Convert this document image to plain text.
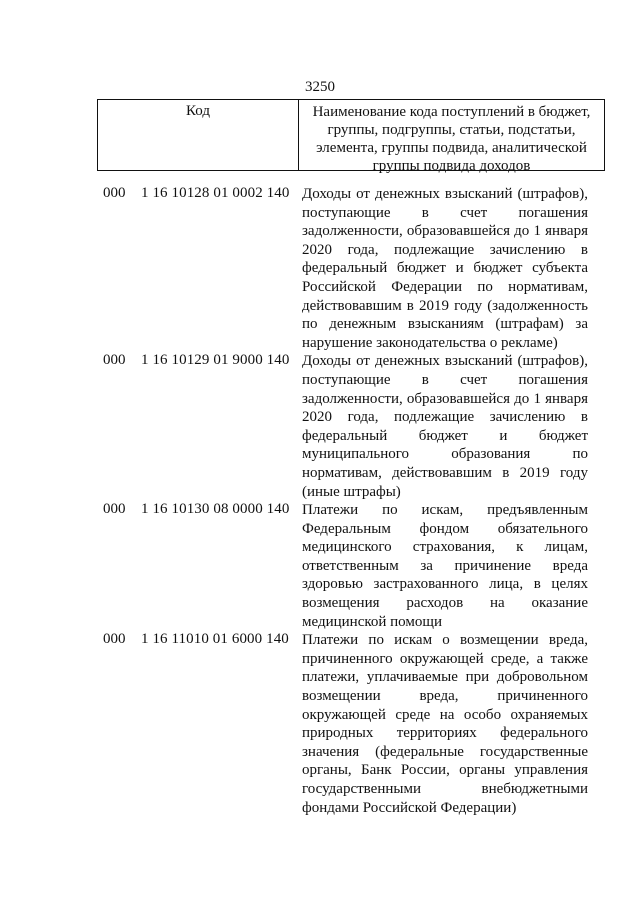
3250
Код	Наименование кода поступлений в бюджет, группы, подгруппы, статьи, подстатьи, элемента, группы подвида, аналитической группы подвида доходов
000 1 16 10128 01 0002 140 Доходы от денежных взысканий (штрафов), поступающие в счет погашения задолженности, образовавшейся до 1 января 2020 года, подлежащие зачислению в федеральный бюджет и бюджет субъекта Российской Федерации по нормативам, действовавшим в 2019 году (задолженность по денежным взысканиям (штрафам) за нарушение законодательства о рекламе)
000 1 16 10129 01 9000 140 Доходы от денежных взысканий (штрафов), поступающие в счет погашения задолженности, образовавшейся до 1 января 2020 года, подлежащие зачислению в федеральный бюджет и бюджет муниципального образования по нормативам, действовавшим в 2019 году (иные штрафы)
000 1 16 10130 08 0000 140 Платежи по искам, предъявленным Федеральным фондом обязательного медицинского страхования, к лицам, ответственным за причинение вреда здоровью застрахованного лица, в целях возмещения расходов на оказание медицинской помощи
000 1 16 11010 01 6000 140 Платежи по искам о возмещении вреда, причиненного окружающей среде, а также платежи, уплачиваемые при добровольном возмещении вреда, причиненного окружающей среде на особо охраняемых природных территориях федерального значения (федеральные государственные органы, Банк России, органы управления государственными внебюджетными фондами Российской Федерации)
